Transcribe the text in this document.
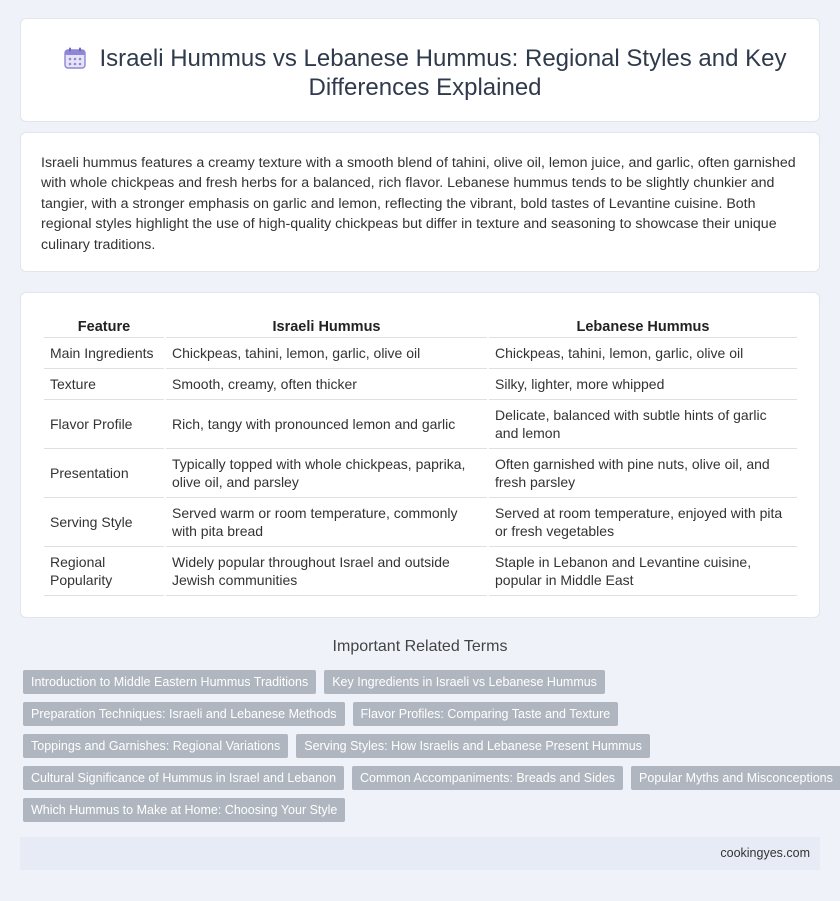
Israeli Hummus vs Lebanese Hummus: Regional Styles and Key Differences Explained

Israeli hummus features a creamy texture with a smooth blend of tahini, olive oil, lemon juice, and garlic, often garnished with whole chickpeas and fresh herbs for a balanced, rich flavor. Lebanese hummus tends to be slightly chunkier and tangier, with a stronger emphasis on garlic and lemon, reflecting the vibrant, bold tastes of Levantine cuisine. Both regional styles highlight the use of high-quality chickpeas but differ in texture and seasoning to showcase their unique culinary traditions.

Feature	Israeli Hummus	Lebanese Hummus
Main Ingredients	Chickpeas, tahini, lemon, garlic, olive oil	Chickpeas, tahini, lemon, garlic, olive oil
Texture	Smooth, creamy, often thicker	Silky, lighter, more whipped
Flavor Profile	Rich, tangy with pronounced lemon and garlic	Delicate, balanced with subtle hints of garlic and lemon
Presentation	Typically topped with whole chickpeas, paprika, olive oil, and parsley	Often garnished with pine nuts, olive oil, and fresh parsley
Serving Style	Served warm or room temperature, commonly with pita bread	Served at room temperature, enjoyed with pita or fresh vegetables
Regional Popularity	Widely popular throughout Israel and outside Jewish communities	Staple in Lebanon and Levantine cuisine, popular in Middle East
Important Related Terms
Introduction to Middle Eastern Hummus Traditions	Key Ingredients in Israeli vs Lebanese Hummus
Preparation Techniques: Israeli and Lebanese Methods	Flavor Profiles: Comparing Taste and Texture
Toppings and Garnishes: Regional Variations	Serving Styles: How Israelis and Lebanese Present Hummus
Cultural Significance of Hummus in Israel and Lebanon	Common Accompaniments: Breads and Sides	Popular Myths and Misconceptions
Which Hummus to Make at Home: Choosing Your Style
cookingyes.com
